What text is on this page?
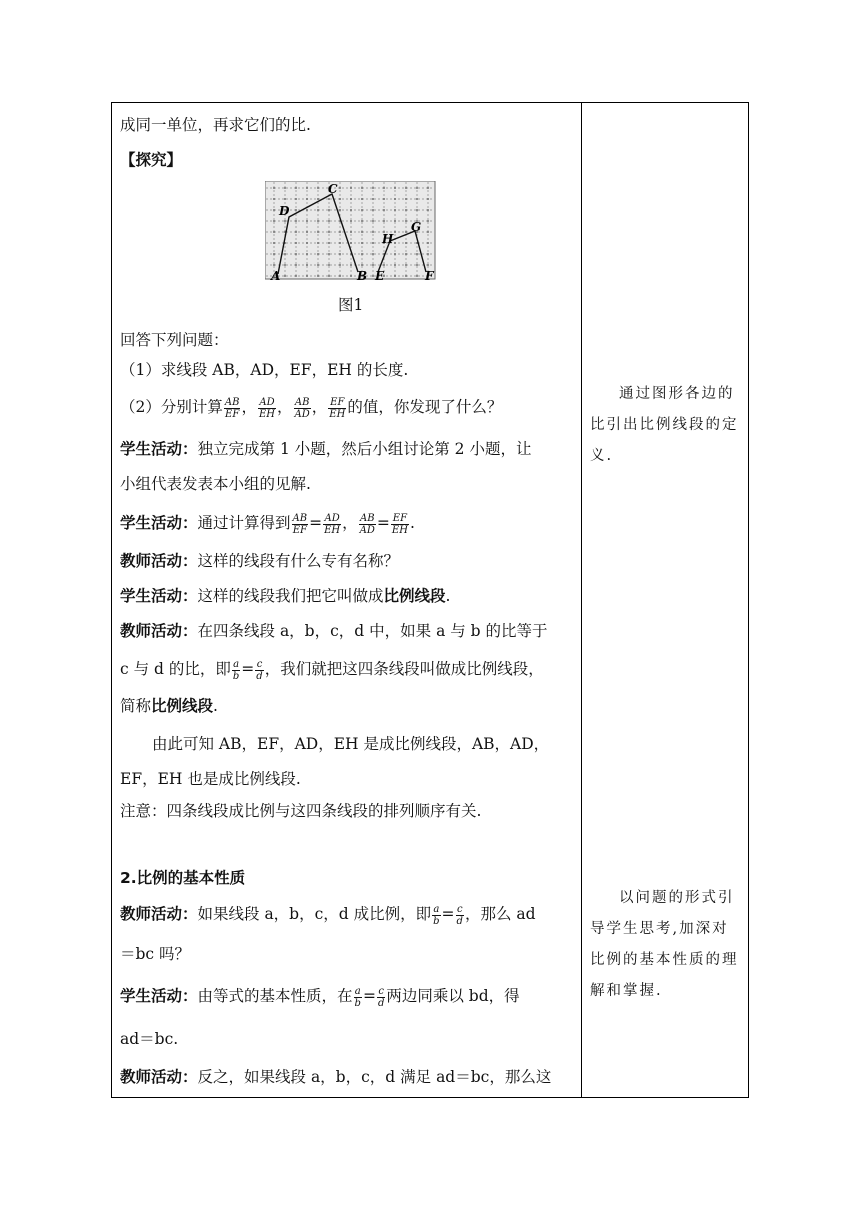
成同一单位，再求它们的比.
【探究】
A
D
C
B E
H
G
F
图1
回答下列问题：
（1）求线段 AB，AD，EF，EH 的长度.
（2）分别计算 $\frac{AB}{EF}$ ， $\frac{AD}{EH}$ ， $\frac{AB}{AD}$ ， $\frac{EF}{EH}$ 的值，你发现了什么？
学生活动：独立完成第 1 小题，然后小组讨论第 2 小题，让
小组代表发表本小组的见解.
学生活动：通过计算得到 $\frac{AB}{EF} = \frac{AD}{EH}$ ， $\frac{AB}{AD} = \frac{EF}{EH}$ .
教师活动：这样的线段有什么专有名称？
学生活动：这样的线段我们把它叫做成比例线段.
教师活动：在四条线段 a，b，c，d 中，如果 a 与 b 的比等于
c 与 d 的比，即 $\frac{a}{b} = \frac{c}{d}$ ，我们就把这四条线段叫做成比例线段，
简称比例线段.
由此可知 AB，EF，AD，EH 是成比例线段，AB，AD，
EF，EH 也是成比例线段.
注意：四条线段成比例与这四条线段的排列顺序有关.
2.比例的基本性质
教师活动：如果线段 a，b，c，d 成比例，即 $\frac{a}{b} = \frac{c}{d}$ ，那么 ad
＝bc 吗？
学生活动：由等式的基本性质，在 $\frac{a}{b} = \frac{c}{d}$ 两边同乘以 bd，得
ad＝bc.
教师活动：反之，如果线段 a，b，c，d 满足 ad＝bc，那么这

通过图形各边的比引出比例线段的定义.

以问题的形式引导学生思考,加深对比例的基本性质的理解和掌握.
